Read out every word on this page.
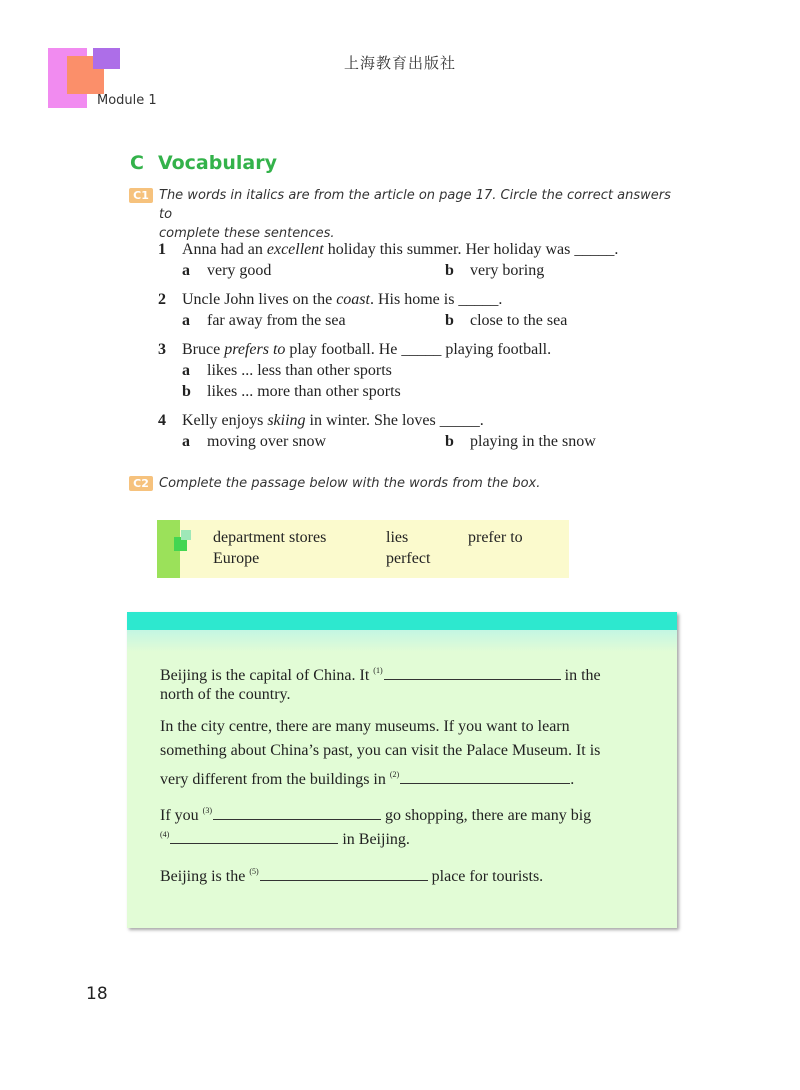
上海教育出版社
Module 1
C Vocabulary
C1 The words in italics are from the article on page 17. Circle the correct answers to
complete these sentences.
1 Anna had an excellent holiday this summer. Her holiday was _____.
a very good	b very boring
2 Uncle John lives on the coast. His home is _____.
a far away from the sea	b close to the sea
3 Bruce prefers to play football. He _____ playing football.
a likes ... less than other sports
b likes ... more than other sports
4 Kelly enjoys skiing in winter. She loves _____.
a moving over snow	b playing in the snow
C2 Complete the passage below with the words from the box.
department stores	lies	prefer to
Europe	perfect
Beijing is the capital of China. It $^{(1)}$	in the
north of the country.
In the city centre, there are many museums. If you want to learn
something about China’s past, you can visit the Palace Museum. It is
very different from the buildings in $^{(2)}$	.
If you $^{(3)}$	go shopping, there are many big
$^{(4)}$	in Beijing.
Beijing is the $^{(5)}$	place for tourists.
18
